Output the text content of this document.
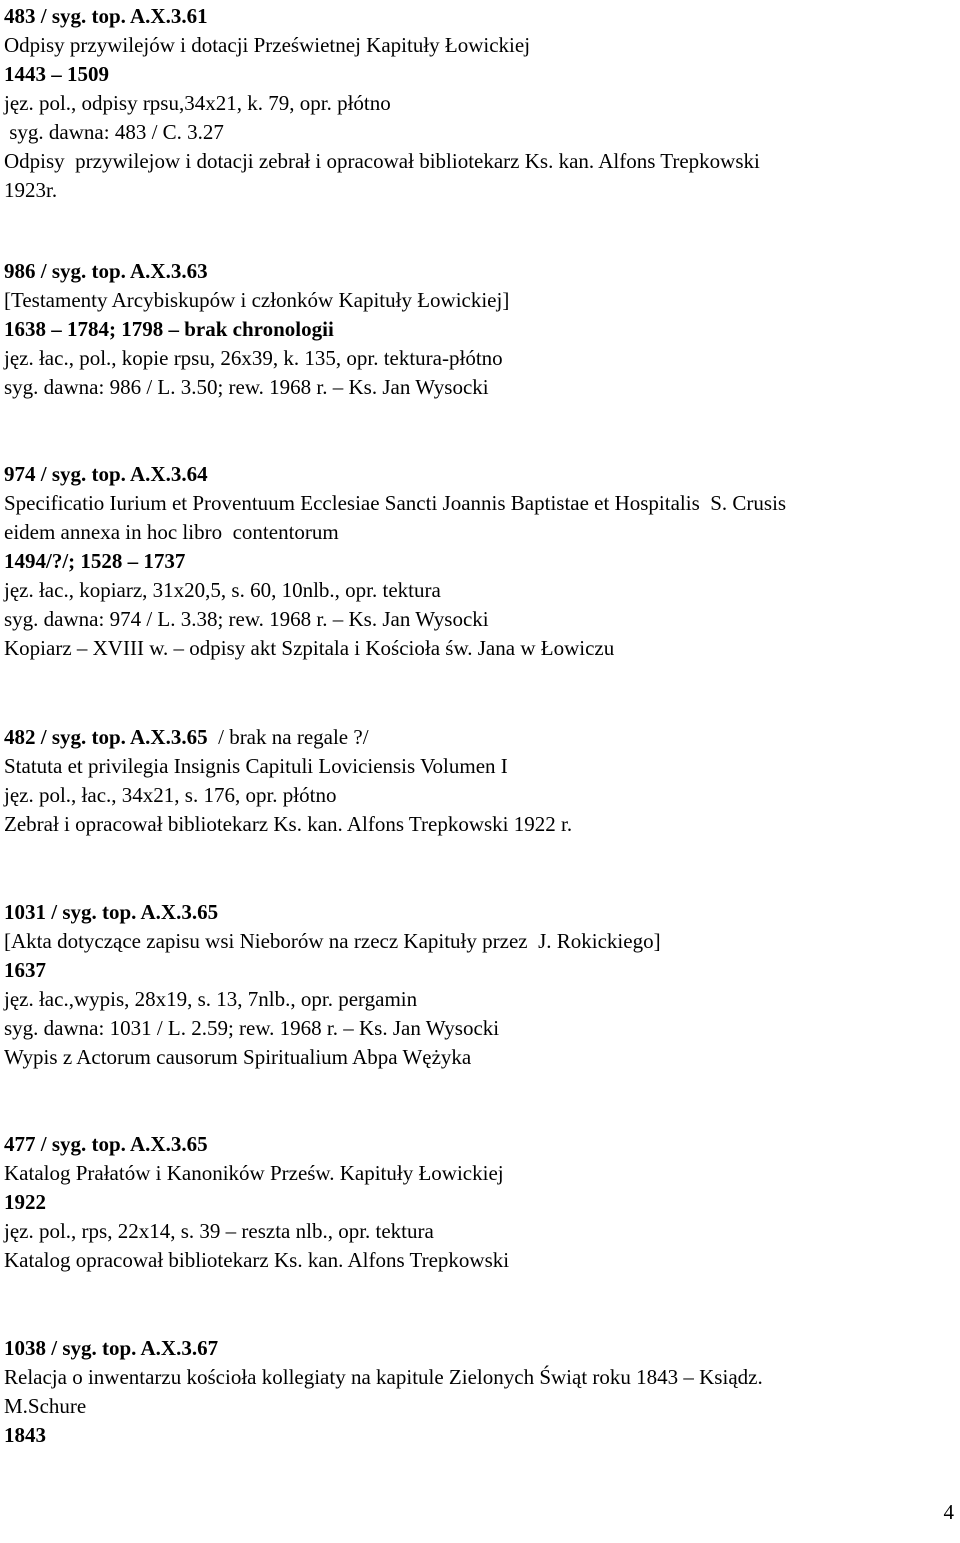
483 / syg. top. A.X.3.61
Odpisy przywilejów i dotacji Prześwietnej Kapituły Łowickiej
1443 – 1509
jęz. pol., odpisy rpsu,34x21, k. 79, opr. płótno
syg. dawna: 483 / C. 3.27
Odpisy  przywilejow i dotacji zebrał i opracował bibliotekarz Ks. kan. Alfons Trepkowski
1923r.
986 / syg. top. A.X.3.63
[Testamenty Arcybiskupów i członków Kapituły Łowickiej]
1638 – 1784; 1798 – brak chronologii
jęz. łac., pol., kopie rpsu, 26x39, k. 135, opr. tektura-płótno
syg. dawna: 986 / L. 3.50; rew. 1968 r. – Ks. Jan Wysocki
974 / syg. top. A.X.3.64
Specificatio Iurium et Proventuum Ecclesiae Sancti Joannis Baptistae et Hospitalis  S. Crusis
eidem annexa in hoc libro  contentorum
1494/?/; 1528 – 1737
jęz. łac., kopiarz, 31x20,5, s. 60, 10nlb., opr. tektura
syg. dawna: 974 / L. 3.38; rew. 1968 r. – Ks. Jan Wysocki
Kopiarz – XVIII w. – odpisy akt Szpitala i Kościoła św. Jana w Łowiczu
482 / syg. top. A.X.3.65  / brak na regale ?/
Statuta et privilegia Insignis Capituli Loviciensis Volumen I
jęz. pol., łac., 34x21, s. 176, opr. płótno
Zebrał i opracował bibliotekarz Ks. kan. Alfons Trepkowski 1922 r.
1031 / syg. top. A.X.3.65
[Akta dotyczące zapisu wsi Nieborów na rzecz Kapituły przez  J. Rokickiego]
1637
jęz. łac.,wypis, 28x19, s. 13, 7nlb., opr. pergamin
syg. dawna: 1031 / L. 2.59; rew. 1968 r. – Ks. Jan Wysocki
Wypis z Actorum causorum Spiritualium Abpa Wężyka
477 / syg. top. A.X.3.65
Katalog Prałatów i Kanoników Prześw. Kapituły Łowickiej
1922
jęz. pol., rps, 22x14, s. 39 – reszta nlb., opr. tektura
Katalog opracował bibliotekarz Ks. kan. Alfons Trepkowski
1038 / syg. top. A.X.3.67
Relacja o inwentarzu kościoła kollegiaty na kapitule Zielonych Świąt roku 1843 – Ksiądz.
M.Schure
1843
4
